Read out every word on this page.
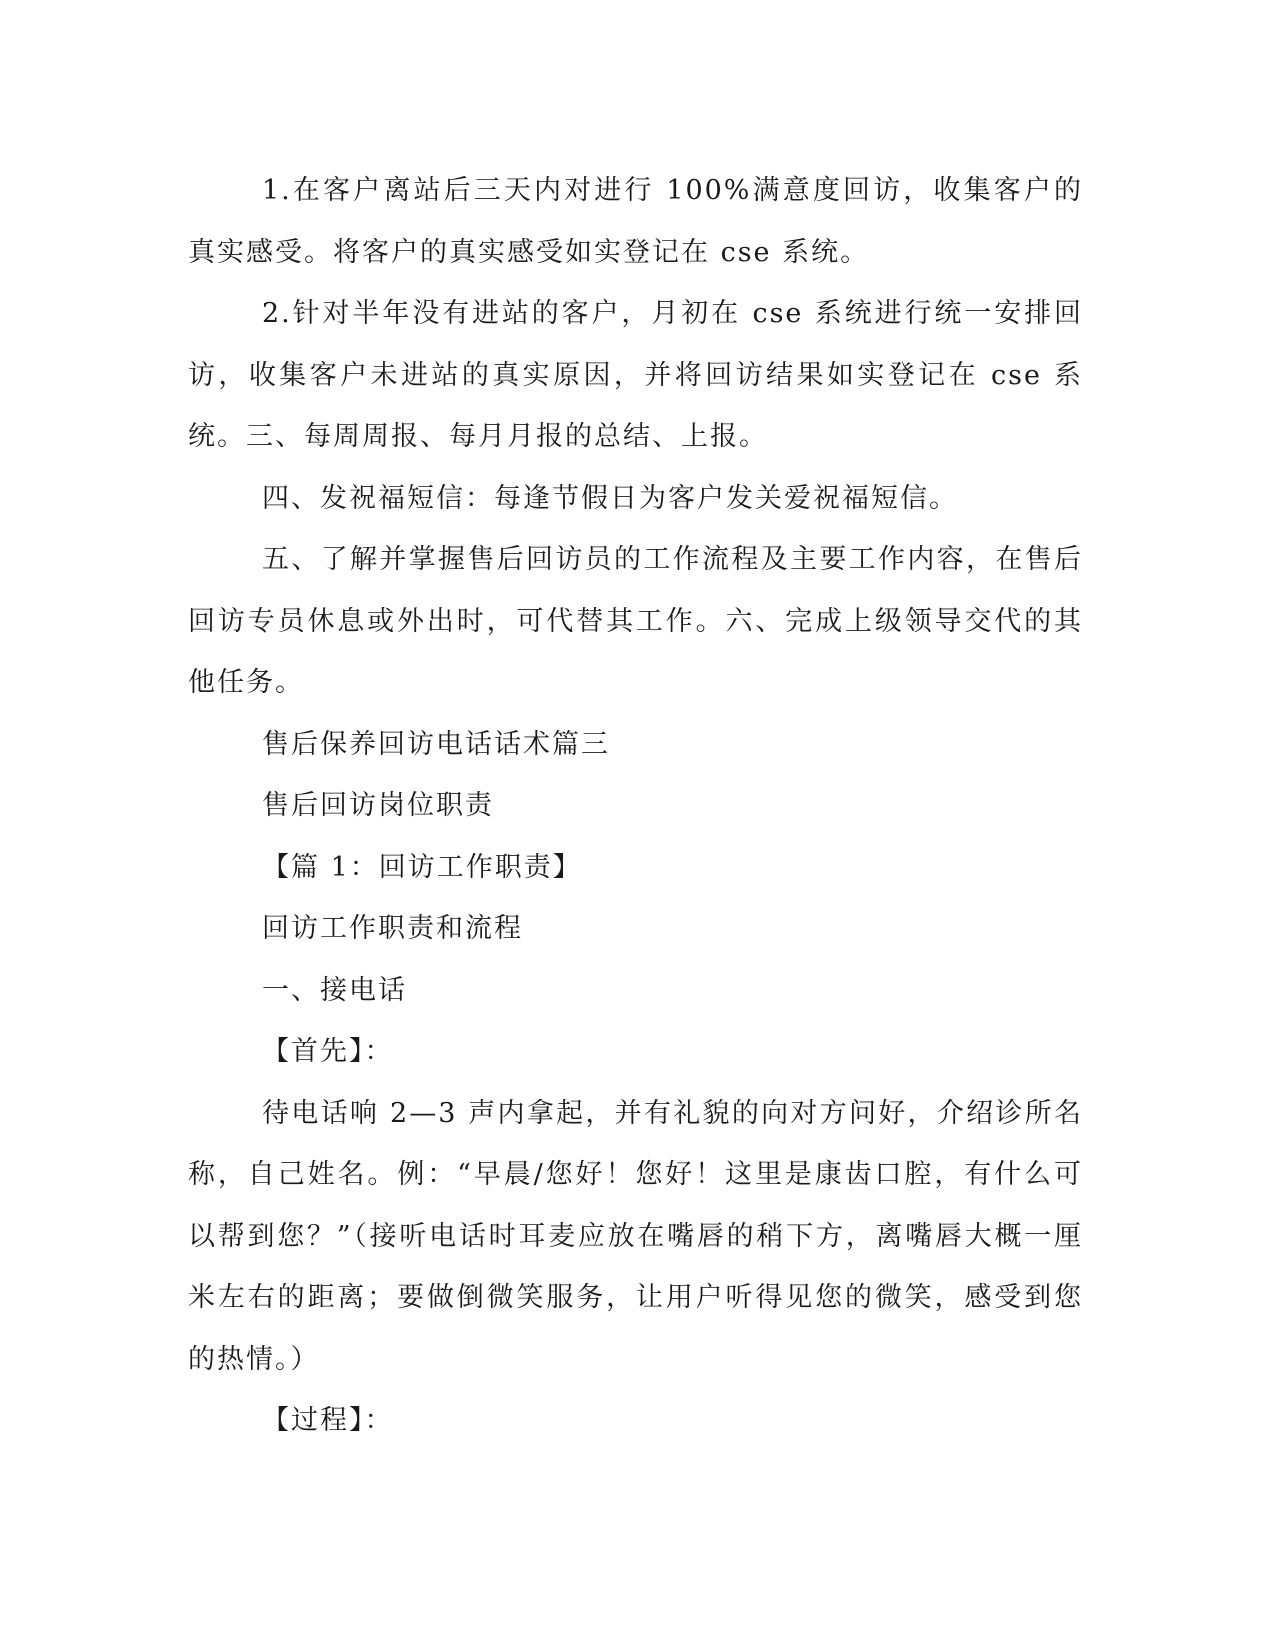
1.在客户离站后三天内对进行 100%满意度回访，收集客户的真实感受。将客户的真实感受如实登记在 cse 系统。

2.针对半年没有进站的客户，月初在 cse 系统进行统一安排回访，收集客户未进站的真实原因，并将回访结果如实登记在 cse 系统。三、每周周报、每月月报的总结、上报。

四、发祝福短信：每逢节假日为客户发关爱祝福短信。

五、了解并掌握售后回访员的工作流程及主要工作内容，在售后回访专员休息或外出时，可代替其工作。六、完成上级领导交代的其他任务。

售后保养回访电话话术篇三

售后回访岗位职责

【篇 1：回访工作职责】

回访工作职责和流程

一、接电话

【首先】：

待电话响 2—3 声内拿起，并有礼貌的向对方问好，介绍诊所名称，自己姓名。例：“早晨/您好！您好！这里是康齿口腔，有什么可以帮到您？”（接听电话时耳麦应放在嘴唇的稍下方，离嘴唇大概一厘米左右的距离；要做倒微笑服务，让用户听得见您的微笑，感受到您的热情。）

【过程】：
